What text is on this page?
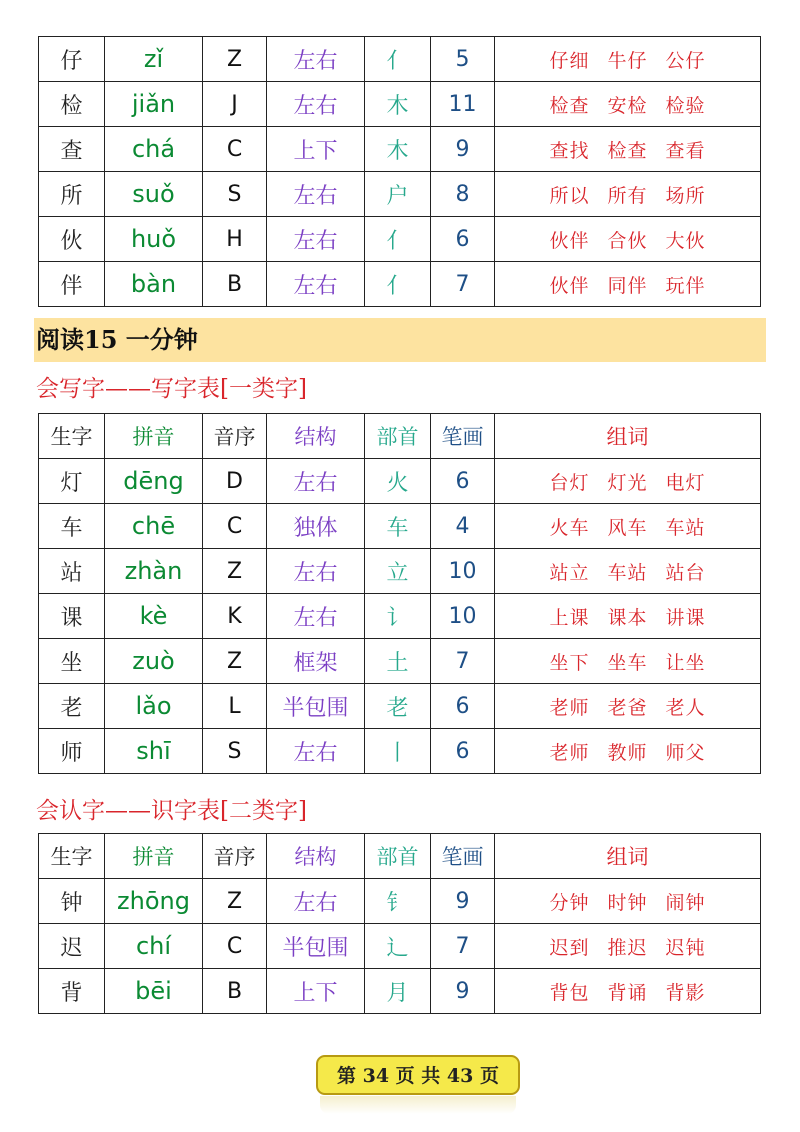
仔	zǐ	Z	左右	亻	5	仔细 牛仔 公仔
检	jiǎn	J	左右	木	11	检查 安检 检验
查	chá	C	上下	木	9	查找 检查 查看
所	suǒ	S	左右	户	8	所以 所有 场所
伙	huǒ	H	左右	亻	6	伙伴 合伙 大伙
伴	bàn	B	左右	亻	7	伙伴 同伴 玩伴
阅读15 一分钟
会写字——写字表[一类字]
生字	拼音	音序	结构	部首	笔画	组词
灯	dēng	D	左右	火	6	台灯 灯光 电灯
车	chē	C	独体	车	4	火车 风车 车站
站	zhàn	Z	左右	立	10	站立 车站 站台
课	kè	K	左右	讠	10	上课 课本 讲课
坐	zuò	Z	框架	土	7	坐下 坐车 让坐
老	lǎo	L	半包围	老	6	老师 老爸 老人
师	shī	S	左右	丨	6	老师 教师 师父
会认字——识字表[二类字]
生字	拼音	音序	结构	部首	笔画	组词
钟	zhōng	Z	左右	钅	9	分钟 时钟 闹钟
迟	chí	C	半包围	辶	7	迟到 推迟 迟钝
背	bēi	B	上下	月	9	背包 背诵 背影
第 34 页 共 43 页
